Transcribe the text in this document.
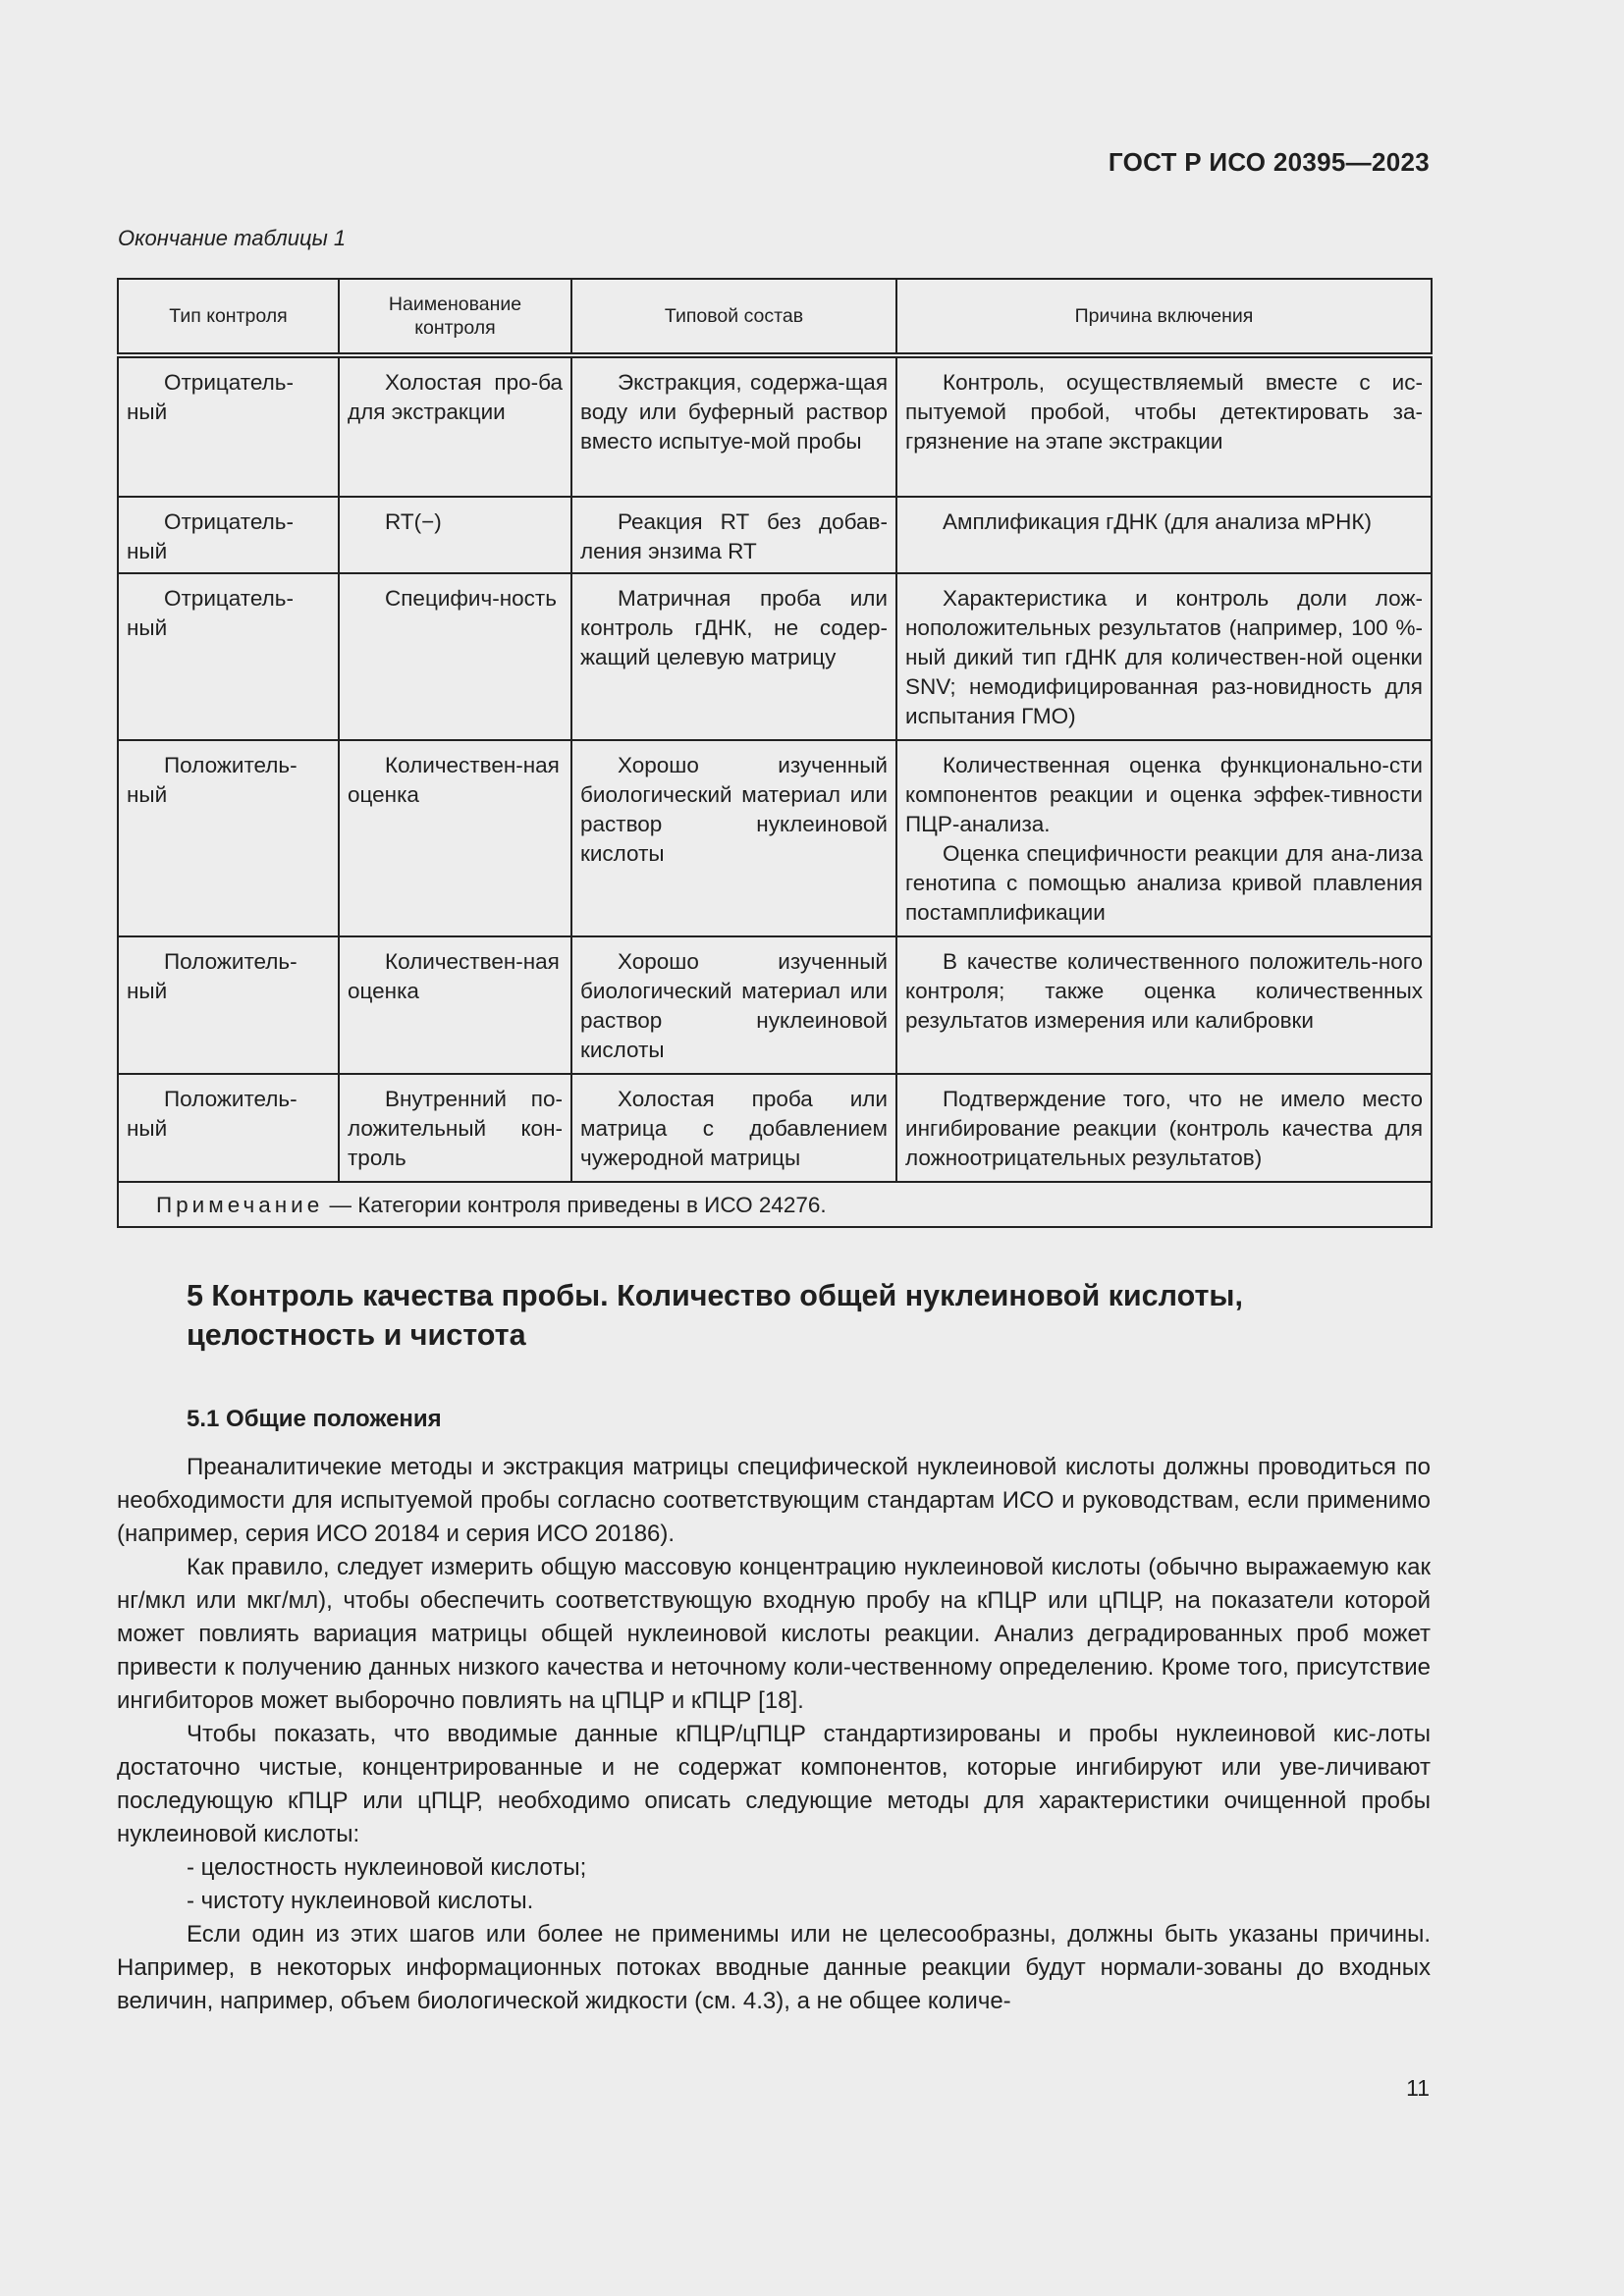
ГОСТ Р ИСО 20395—2023
Окончание таблицы 1
Тип контроля	Наименование контроля	Типовой состав	Причина включения

Отрицатель-ный	Холостая про-ба для экстракции	Экстракция, содержа-щая воду или буферный раствор вместо испытуе-мой пробы	Контроль, осуществляемый вместе с ис-пытуемой пробой, чтобы детектировать за-грязнение на этапе экстракции

Отрицатель-ный	RT(−)	Реакция RT без добав-ления энзима RT	Амплификация гДНК (для анализа мРНК)

Отрицатель-ный	Специфич-ность	Матричная проба или контроль гДНК, не содер-жащий целевую матрицу	Характеристика и контроль доли лож-ноположительных результатов (например, 100 %-ный дикий тип гДНК для количествен-ной оценки SNV; немодифицированная раз-новидность для испытания ГМО)

Положитель-ный	Количествен-ная оценка	Хорошо изученный биологический материал или раствор нуклеиновой кислоты	Количественная оценка функционально-сти компонентов реакции и оценка эффек-тивности ПЦР-анализа.
Оценка специфичности реакции для ана-лиза генотипа с помощью анализа кривой плавления постамплификации

Положитель-ный	Количествен-ная оценка	Хорошо изученный биологический материал или раствор нуклеиновой кислоты	В качестве количественного положитель-ного контроля; также оценка количественных результатов измерения или калибровки

Положитель-ный	Внутренний по-ложительный кон-троль	Холостая проба или матрица с добавлением чужеродной матрицы	Подтверждение того, что не имело место ингибирование реакции (контроль качества для ложноотрицательных результатов)

Примечание — Категории контроля приведены в ИСО 24276.			
5 Контроль качества пробы. Количество общей нуклеиновой кислоты, целостность и чистота
5.1 Общие положения

Преаналитичекие методы и экстракция матрицы специфической нуклеиновой кислоты должны проводиться по необходимости для испытуемой пробы согласно соответствующим стандартам ИСО и руководствам, если применимо (например, серия ИСО 20184 и серия ИСО 20186).

Как правило, следует измерить общую массовую концентрацию нуклеиновой кислоты (обычно выражаемую как нг/мкл или мкг/мл), чтобы обеспечить соответствующую входную пробу на кПЦР или цПЦР, на показатели которой может повлиять вариация матрицы общей нуклеиновой кислоты реакции. Анализ деградированных проб может привести к получению данных низкого качества и неточному коли-чественному определению. Кроме того, присутствие ингибиторов может выборочно повлиять на цПЦР и кПЦР [18].

Чтобы показать, что вводимые данные кПЦР/цПЦР стандартизированы и пробы нуклеиновой кис-лоты достаточно чистые, концентрированные и не содержат компонентов, которые ингибируют или уве-личивают последующую кПЦР или цПЦР, необходимо описать следующие методы для характеристики очищенной пробы нуклеиновой кислоты:

- целостность нуклеиновой кислоты;

- чистоту нуклеиновой кислоты.

Если один из этих шагов или более не применимы или не целесообразны, должны быть указаны причины. Например, в некоторых информационных потоках вводные данные реакции будут нормали-зованы до входных величин, например, объем биологической жидкости (см. 4.3), а не общее количе-

11
